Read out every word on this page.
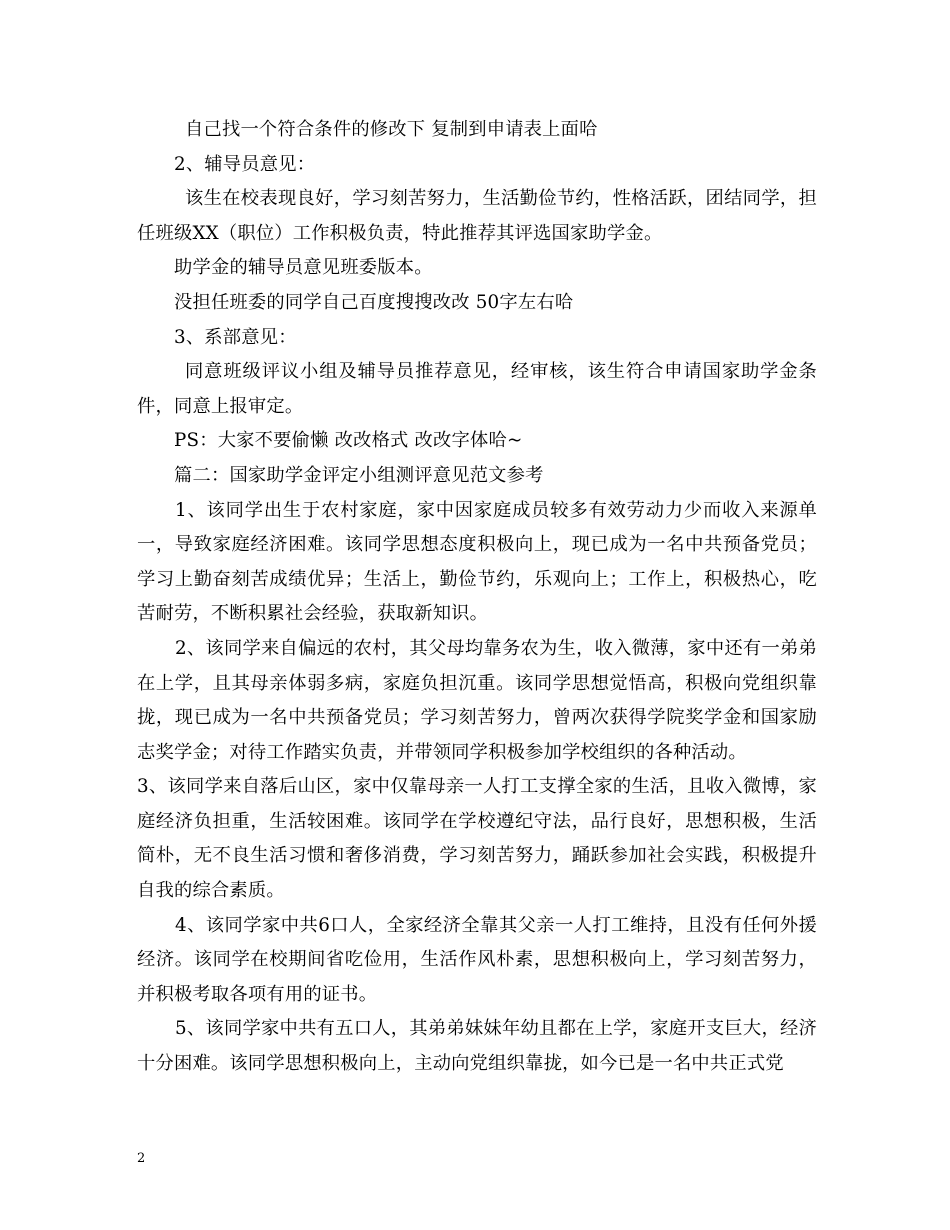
自己找一个符合条件的修改下 复制到申请表上面哈

2、辅导员意见：

该生在校表现良好，学习刻苦努力，生活勤俭节约，性格活跃，团结同学，担任班级XX（职位）工作积极负责，特此推荐其评选国家助学金。

助学金的辅导员意见班委版本。

没担任班委的同学自己百度搜搜改改 50字左右哈

3、系部意见：

同意班级评议小组及辅导员推荐意见，经审核，该生符合申请国家助学金条件，同意上报审定。

PS：大家不要偷懒 改改格式 改改字体哈~

篇二：国家助学金评定小组测评意见范文参考

1、该同学出生于农村家庭，家中因家庭成员较多有效劳动力少而收入来源单一，导致家庭经济困难。该同学思想态度积极向上，现已成为一名中共预备党员；学习上勤奋刻苦成绩优异；生活上，勤俭节约，乐观向上；工作上，积极热心，吃苦耐劳，不断积累社会经验，获取新知识。

2、该同学来自偏远的农村，其父母均靠务农为生，收入微薄，家中还有一弟弟在上学，且其母亲体弱多病，家庭负担沉重。该同学思想觉悟高，积极向党组织靠拢，现已成为一名中共预备党员；学习刻苦努力，曾两次获得学院奖学金和国家励志奖学金；对待工作踏实负责，并带领同学积极参加学校组织的各种活动。

3、该同学来自落后山区，家中仅靠母亲一人打工支撑全家的生活，且收入微博，家庭经济负担重，生活较困难。该同学在学校遵纪守法，品行良好，思想积极，生活简朴，无不良生活习惯和奢侈消费，学习刻苦努力，踊跃参加社会实践，积极提升自我的综合素质。

4、该同学家中共6口人，全家经济全靠其父亲一人打工维持，且没有任何外援经济。该同学在校期间省吃俭用，生活作风朴素，思想积极向上，学习刻苦努力，并积极考取各项有用的证书。

5、该同学家中共有五口人，其弟弟妹妹年幼且都在上学，家庭开支巨大，经济十分困难。该同学思想积极向上，主动向党组织靠拢，如今已是一名中共正式党

2
